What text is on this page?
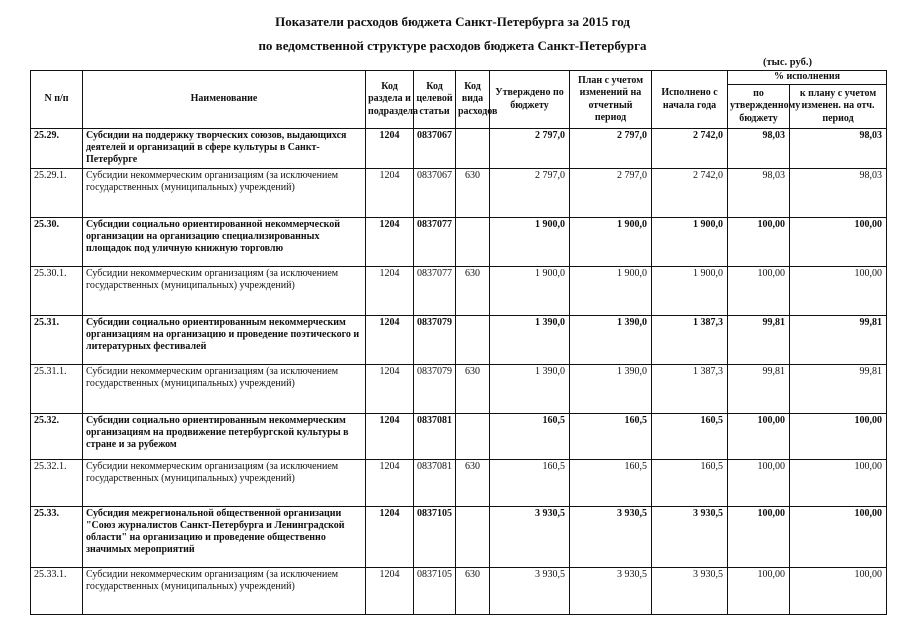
Показатели расходов бюджета Санкт-Петербурга за 2015 год
по ведомственной структуре расходов бюджета Санкт-Петербурга
(тыс. руб.)
N п/п	Наименование	Код раздела и подраздела	Код целевой статьи	Код вида расходов	Утверждено по бюджету	План с учетом изменений на отчетный период	Исполнено с начала года	% исполнения	
								по утвержденному бюджету	к плану с учетом изменен. на отч. период
25.29.	Субсидии на поддержку творческих союзов, выдающихся деятелей и организаций в сфере культуры в Санкт-Петербурге	1204	0837067		2 797,0	2 797,0	2 742,0	98,03	98,03
25.29.1.	Субсидии некоммерческим организациям (за исключением государственных (муниципальных) учреждений)	1204	0837067	630	2 797,0	2 797,0	2 742,0	98,03	98,03
25.30.	Субсидии социально ориентированной некоммерческой организации на организацию специализированных площадок под уличную книжную торговлю	1204	0837077		1 900,0	1 900,0	1 900,0	100,00	100,00
25.30.1.	Субсидии некоммерческим организациям (за исключением государственных (муниципальных) учреждений)	1204	0837077	630	1 900,0	1 900,0	1 900,0	100,00	100,00
25.31.	Субсидии социально ориентированным некоммерческим организациям на организацию и проведение поэтического и литературных фестивалей	1204	0837079		1 390,0	1 390,0	1 387,3	99,81	99,81
25.31.1.	Субсидии некоммерческим организациям (за исключением государственных (муниципальных) учреждений)	1204	0837079	630	1 390,0	1 390,0	1 387,3	99,81	99,81
25.32.	Субсидии социально ориентированным некоммерческим организациям на продвижение петербургской культуры в стране и за рубежом	1204	0837081		160,5	160,5	160,5	100,00	100,00
25.32.1.	Субсидии некоммерческим организациям (за исключением государственных (муниципальных) учреждений)	1204	0837081	630	160,5	160,5	160,5	100,00	100,00
25.33.	Субсидия межрегиональной общественной организации "Союз журналистов Санкт-Петербурга и Ленинградской области" на организацию и проведение общественно значимых мероприятий	1204	0837105		3 930,5	3 930,5	3 930,5	100,00	100,00
25.33.1.	Субсидии некоммерческим организациям (за исключением государственных (муниципальных) учреждений)	1204	0837105	630	3 930,5	3 930,5	3 930,5	100,00	100,00
